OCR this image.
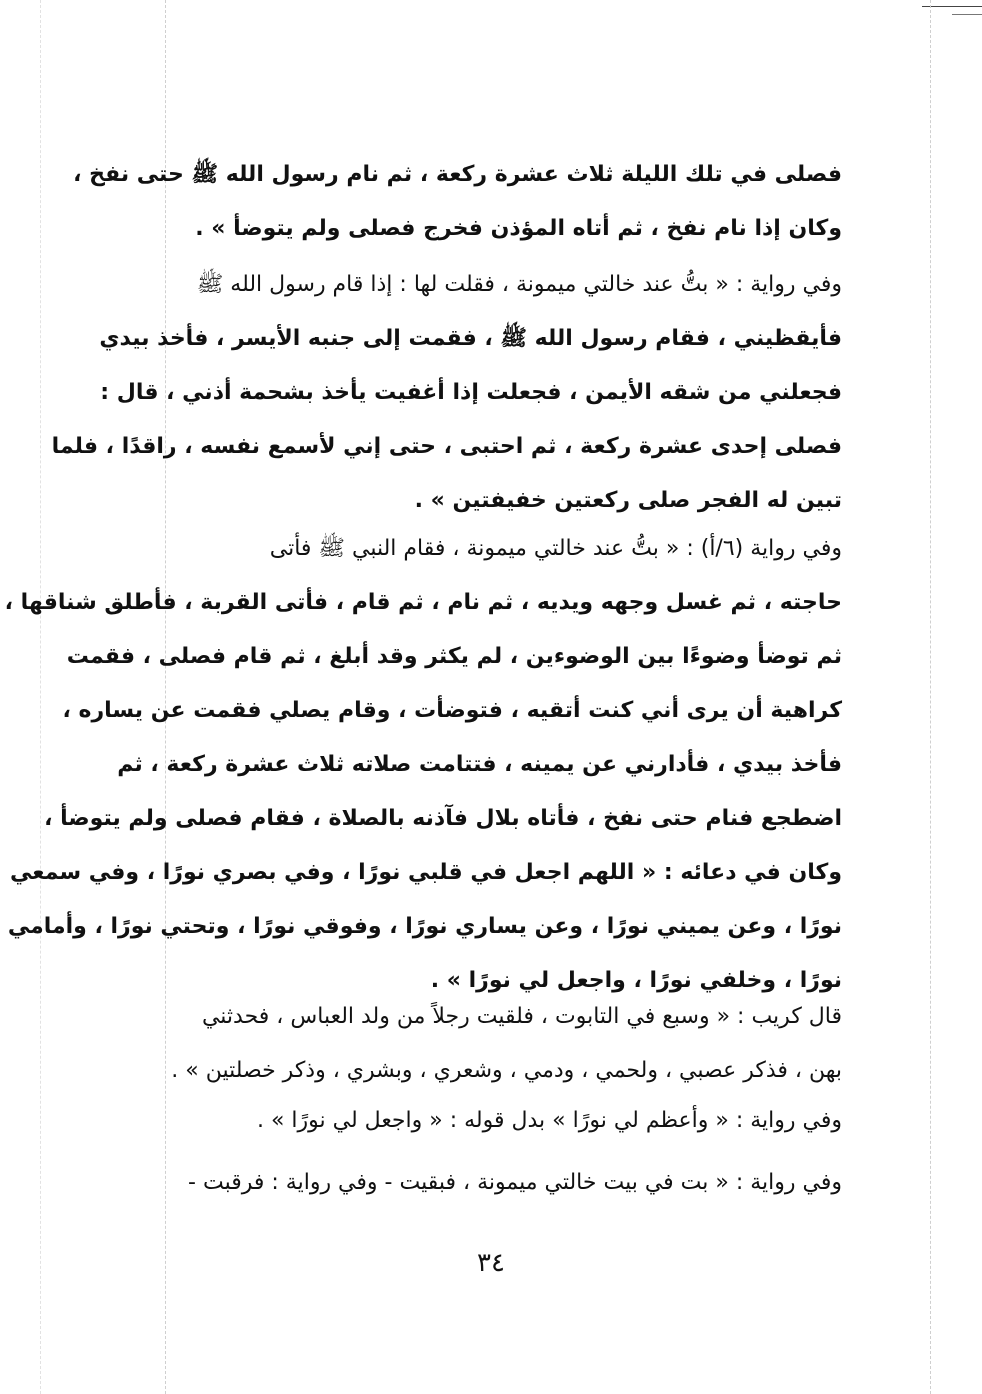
فصلى في تلك الليلة ثلاث عشرة ركعة ، ثم نام رسول الله ﷺ حتى نفخ ،
وكان إذا نام نفخ ، ثم أتاه المؤذن فخرج فصلى ولم يتوضأ » .
وفي رواية : « بتُّ عند خالتي ميمونة ، فقلت لها : إذا قام رسول الله ﷺ
فأيقظيني ، فقام رسول الله ﷺ ، فقمت إلى جنبه الأيسر ، فأخذ بيدي
فجعلني من شقه الأيمن ، فجعلت إذا أغفيت يأخذ بشحمة أذني ، قال :
فصلى إحدى عشرة ركعة ، ثم احتبى ، حتى إني لأسمع نفسه ، راقدًا ، فلما
تبين له الفجر صلى ركعتين خفيفتين » .
وفي رواية (٦/أ) : « بتُّ عند خالتي ميمونة ، فقام النبي ﷺ فأتى
حاجته ، ثم غسل وجهه ويديه ، ثم نام ، ثم قام ، فأتى القربة ، فأطلق شناقها ،
ثم توضأ وضوءًا بين الوضوءين ، لم يكثر وقد أبلغ ، ثم قام فصلى ، فقمت
كراهية أن يرى أني كنت أتقيه ، فتوضأت ، وقام يصلي فقمت عن يساره ،
فأخذ بيدي ، فأدارني عن يمينه ، فتتامت صلاته ثلاث عشرة ركعة ، ثم
اضطجع فنام حتى نفخ ، فأتاه بلال فآذنه بالصلاة ، فقام فصلى ولم يتوضأ ،
وكان في دعائه : « اللهم اجعل في قلبي نورًا ، وفي بصري نورًا ، وفي سمعي
نورًا ، وعن يميني نورًا ، وعن يساري نورًا ، وفوقي نورًا ، وتحتي نورًا ، وأمامي
نورًا ، وخلفي نورًا ، واجعل لي نورًا » .
قال كريب : « وسبع في التابوت ، فلقيت رجلاً من ولد العباس ، فحدثني
بهن ، فذكر عصبي ، ولحمي ، ودمي ، وشعري ، وبشري ، وذكر خصلتين » .
وفي رواية : « وأعظم لي نورًا » بدل قوله : « واجعل لي نورًا » .
وفي رواية : « بت في بيت خالتي ميمونة ، فبقيت - وفي رواية : فرقبت -
٣٤
